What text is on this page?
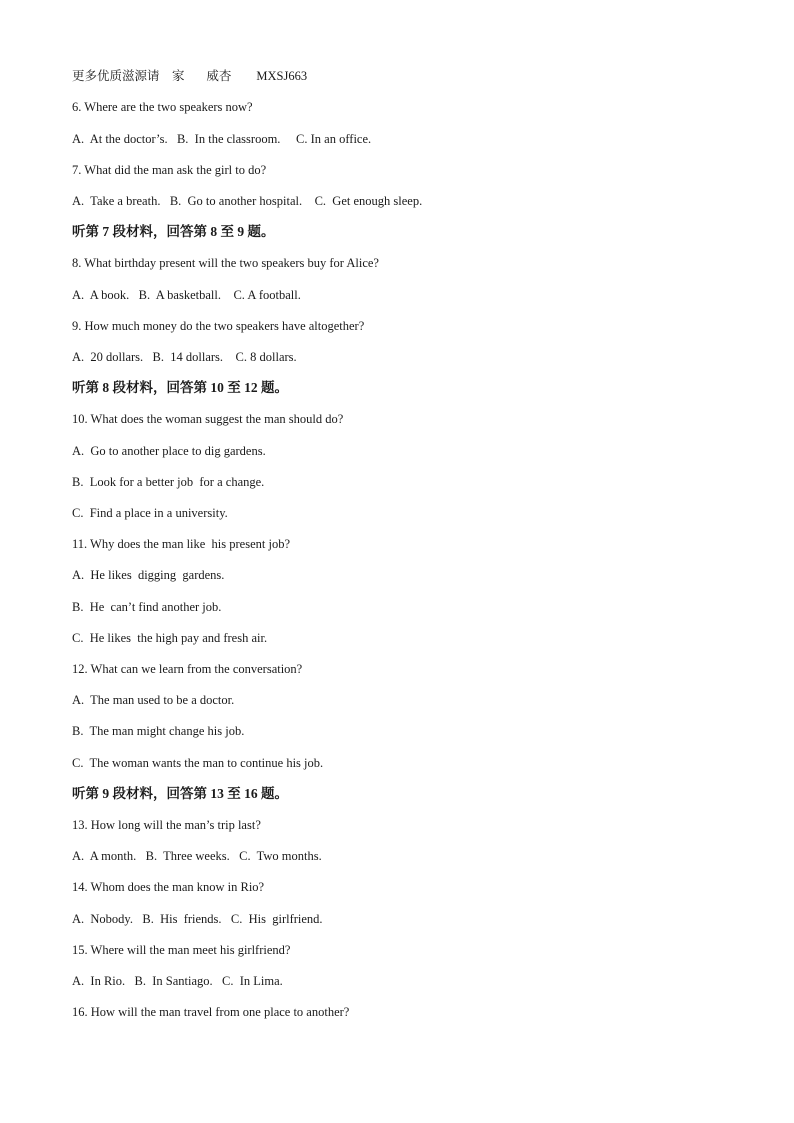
更多优质滋源请    家       威杏        MXSJ663
6. Where are the two speakers now?
A.  At the doctor’s.   B.  In the classroom.     C. In an office.
7. What did the man ask the girl to do?
A.  Take a breath.   B.  Go to another hospital.    C.  Get enough sleep.
听第 7 段材料，回答第 8 至 9 题。
8. What birthday present will the two speakers buy for Alice?
A.  A book.   B.  A basketball.    C. A football.
9. How much money do the two speakers have altogether?
A.  20 dollars.   B.  14 dollars.    C. 8 dollars.
听第 8 段材料，回答第 10 至 12 题。
10. What does the woman suggest the man should do?
A.  Go to another place to dig gardens.
B.  Look for a better job  for a change.
C.  Find a place in a university.
11. Why does the man like  his present job?
A.  He likes  digging  gardens.
B.  He  can’t find another job.
C.  He likes  the high pay and fresh air.
12. What can we learn from the conversation?
A.  The man used to be a doctor.
B.  The man might change his job.
C.  The woman wants the man to continue his job.
听第 9 段材料，回答第 13 至 16 题。
13. How long will the man’s trip last?
A.  A month.   B.  Three weeks.   C.  Two months.
14. Whom does the man know in Rio?
A.  Nobody.   B.  His  friends.   C.  His  girlfriend.
15. Where will the man meet his girlfriend?
A.  In Rio.   B.  In Santiago.   C.  In Lima.
16. How will the man travel from one place to another?
